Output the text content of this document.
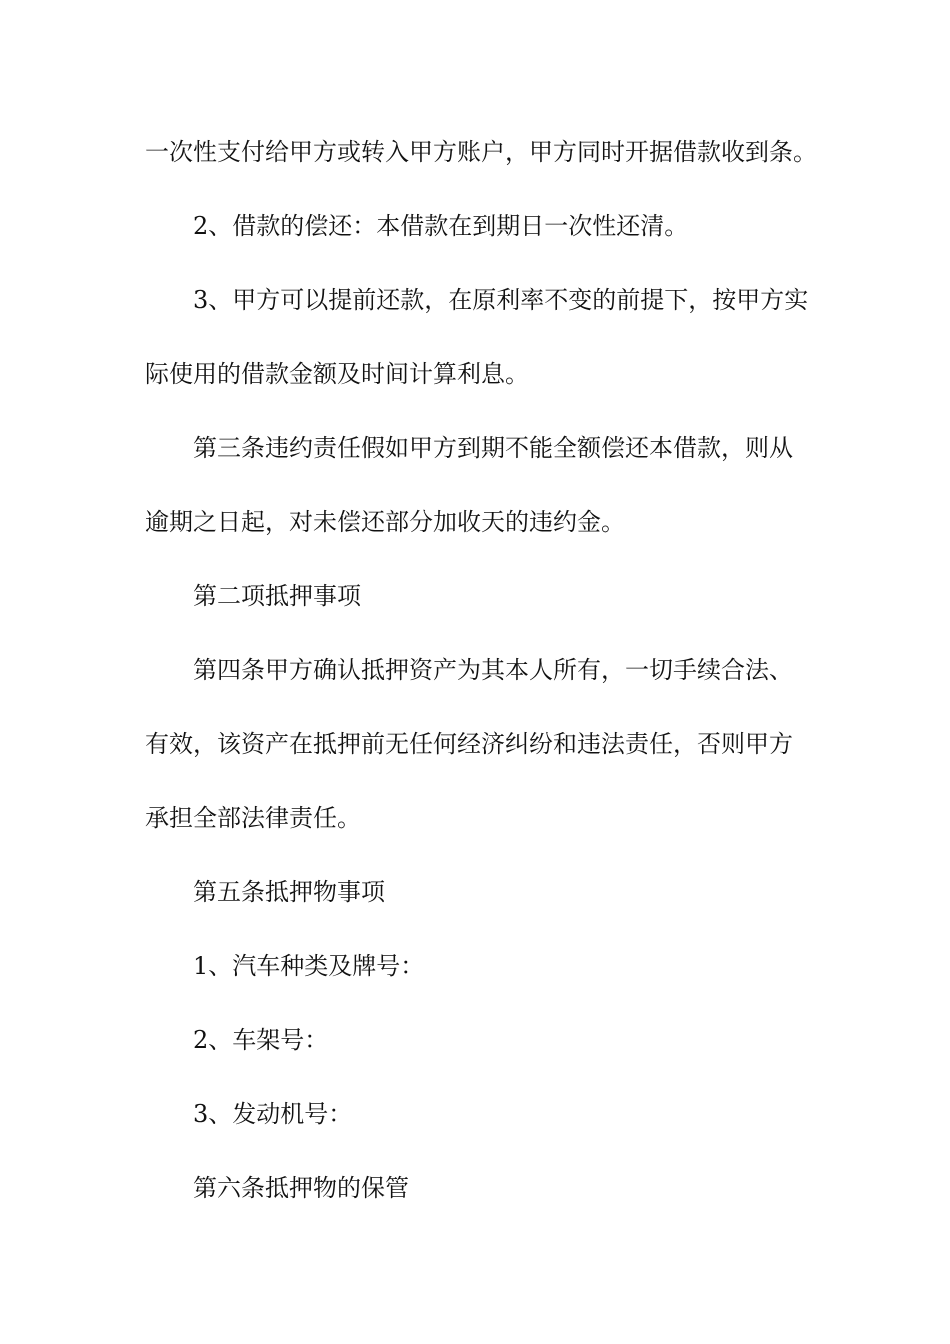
一次性支付给甲方或转入甲方账户，甲方同时开据借款收到条。
2、借款的偿还：本借款在到期日一次性还清。
3、甲方可以提前还款，在原利率不变的前提下，按甲方实
际使用的借款金额及时间计算利息。
第三条违约责任假如甲方到期不能全额偿还本借款，则从
逾期之日起，对未偿还部分加收天的违约金。
第二项抵押事项
第四条甲方确认抵押资产为其本人所有，一切手续合法、
有效，该资产在抵押前无任何经济纠纷和违法责任，否则甲方
承担全部法律责任。
第五条抵押物事项
1、汽车种类及牌号：
2、车架号：
3、发动机号：
第六条抵押物的保管
